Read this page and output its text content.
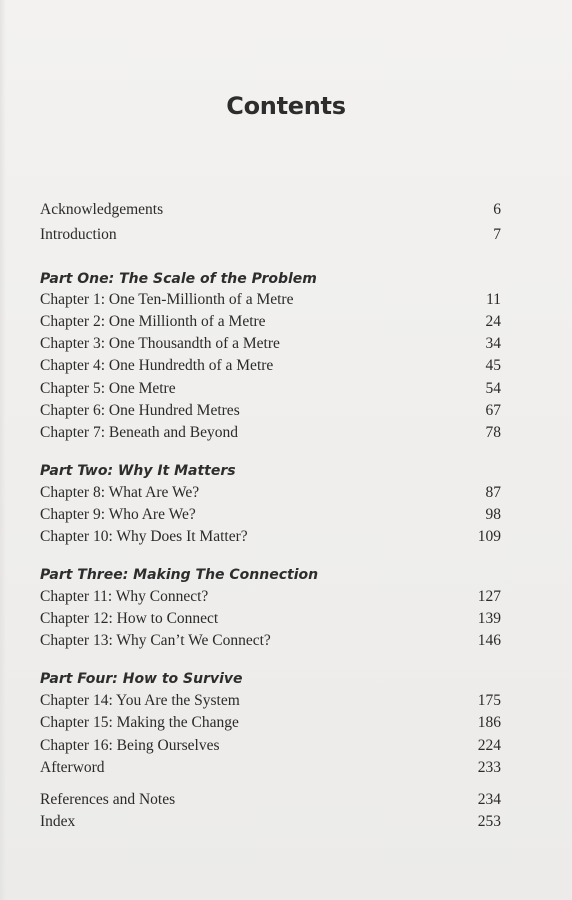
Contents
Acknowledgements	6
Introduction	7
Part One: The Scale of the Problem
Chapter 1: One Ten-Millionth of a Metre	11
Chapter 2: One Millionth of a Metre	24
Chapter 3: One Thousandth of a Metre	34
Chapter 4: One Hundredth of a Metre	45
Chapter 5: One Metre	54
Chapter 6: One Hundred Metres	67
Chapter 7: Beneath and Beyond	78
Part Two: Why It Matters
Chapter 8: What Are We?	87
Chapter 9: Who Are We?	98
Chapter 10: Why Does It Matter?	109
Part Three: Making The Connection
Chapter 11: Why Connect?	127
Chapter 12: How to Connect	139
Chapter 13: Why Can’t We Connect?	146
Part Four: How to Survive
Chapter 14: You Are the System	175
Chapter 15: Making the Change	186
Chapter 16: Being Ourselves	224
Afterword	233
References and Notes	234
Index	253
